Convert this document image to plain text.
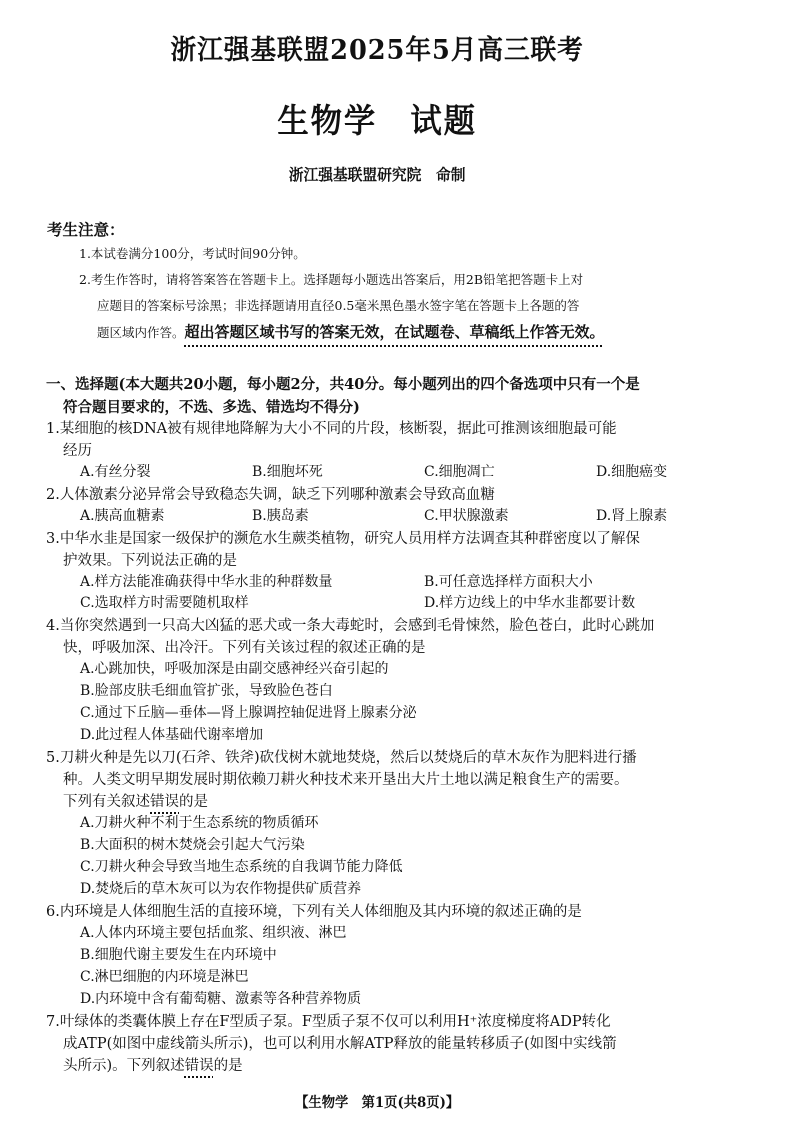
浙江强基联盟2025年5月高三联考
生物学　试题
浙江强基联盟研究院　命制
考生注意：
1.本试卷满分100分，考试时间90分钟。
2.考生作答时，请将答案答在答题卡上。选择题每小题选出答案后，用2B铅笔把答题卡上对
应题目的答案标号涂黑；非选择题请用直径0.5毫米黑色墨水签字笔在答题卡上各题的答
题区域内作答。超出答题区域书写的答案无效，在试题卷、草稿纸上作答无效。
一、选择题(本大题共20小题，每小题2分，共40分。每小题列出的四个备选项中只有一个是
符合题目要求的，不选、多选、错选均不得分)
1.某细胞的核DNA被有规律地降解为大小不同的片段，核断裂，据此可推测该细胞最可能
经历
A.有丝分裂	B.细胞坏死	C.细胞凋亡	D.细胞癌变
2.人体激素分泌异常会导致稳态失调，缺乏下列哪种激素会导致高血糖
A.胰高血糖素	B.胰岛素	C.甲状腺激素	D.肾上腺素
3.中华水韭是国家一级保护的濒危水生蕨类植物，研究人员用样方法调查其种群密度以了解保
护效果。下列说法正确的是
A.样方法能准确获得中华水韭的种群数量	B.可任意选择样方面积大小
C.选取样方时需要随机取样	D.样方边线上的中华水韭都要计数
4.当你突然遇到一只高大凶猛的恶犬或一条大毒蛇时，会感到毛骨悚然，脸色苍白，此时心跳加
快，呼吸加深、出冷汗。下列有关该过程的叙述正确的是
A.心跳加快，呼吸加深是由副交感神经兴奋引起的
B.脸部皮肤毛细血管扩张，导致脸色苍白
C.通过下丘脑—垂体—肾上腺调控轴促进肾上腺素分泌
D.此过程人体基础代谢率增加
5.刀耕火种是先以刀(石斧、铁斧)砍伐树木就地焚烧，然后以焚烧后的草木灰作为肥料进行播
种。人类文明早期发展时期依赖刀耕火种技术来开垦出大片土地以满足粮食生产的需要。
下列有关叙述错误的是
A.刀耕火种不利于生态系统的物质循环
B.大面积的树木焚烧会引起大气污染
C.刀耕火种会导致当地生态系统的自我调节能力降低
D.焚烧后的草木灰可以为农作物提供矿质营养
6.内环境是人体细胞生活的直接环境，下列有关人体细胞及其内环境的叙述正确的是
A.人体内环境主要包括血浆、组织液、淋巴
B.细胞代谢主要发生在内环境中
C.淋巴细胞的内环境是淋巴
D.内环境中含有葡萄糖、激素等各种营养物质
7.叶绿体的类囊体膜上存在F型质子泵。F型质子泵不仅可以利用H⁺浓度梯度将ADP转化
成ATP(如图中虚线箭头所示)，也可以利用水解ATP释放的能量转移质子(如图中实线箭
头所示)。下列叙述错误的是
【生物学　第1页(共8页)】
